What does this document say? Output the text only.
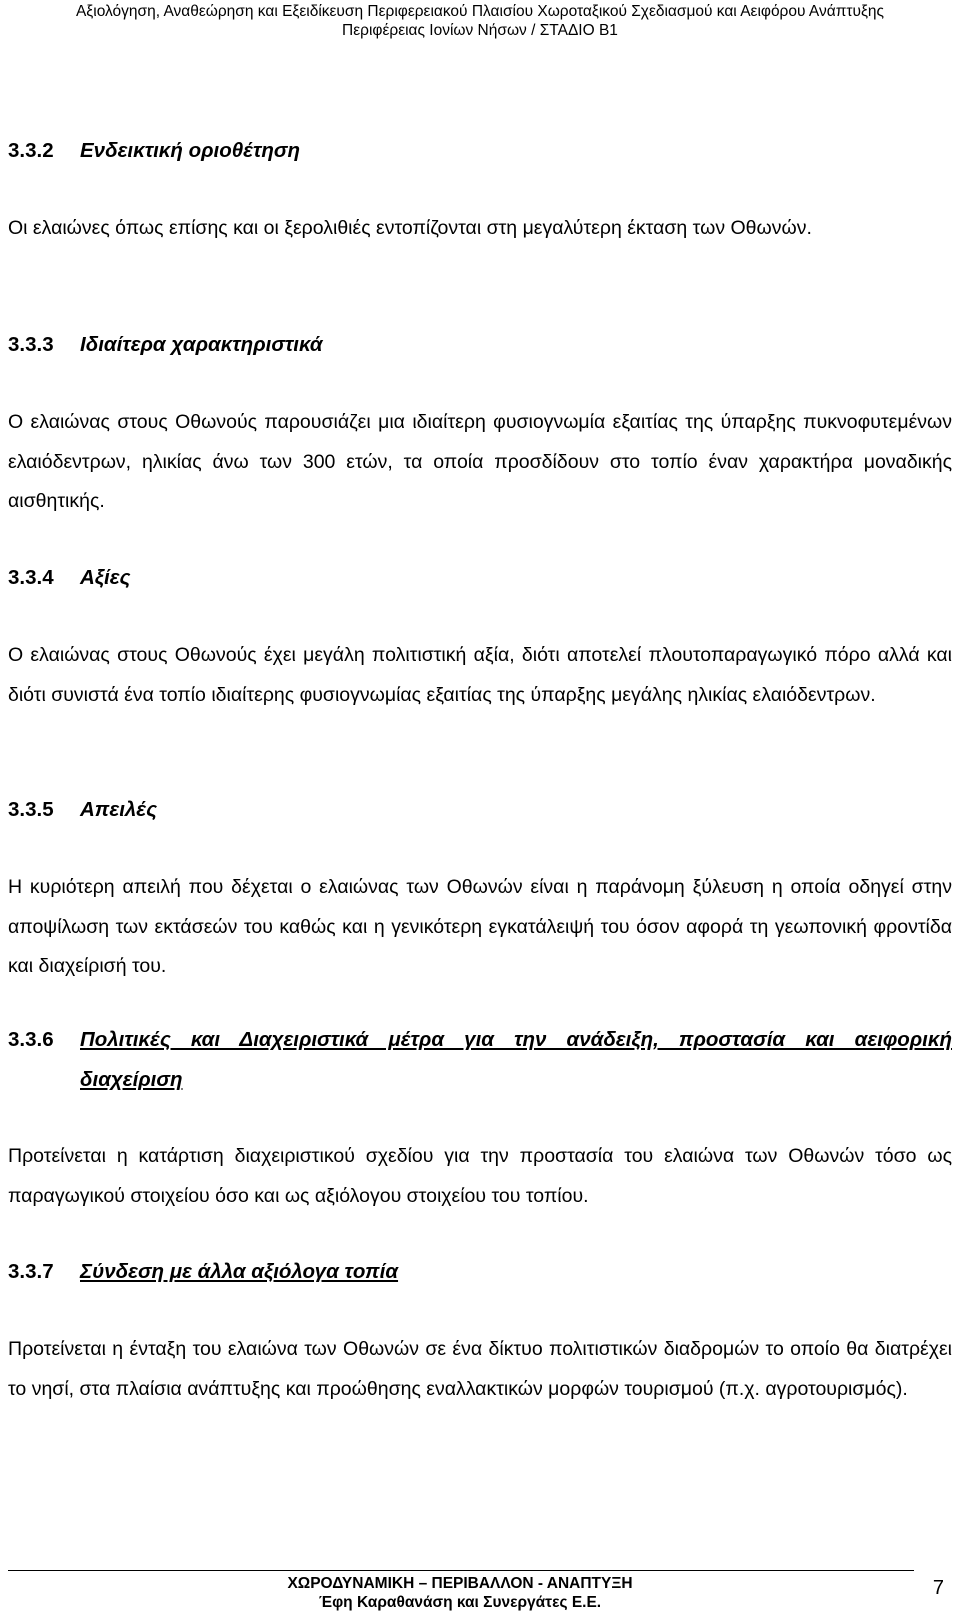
Αξιολόγηση, Αναθεώρηση και Εξειδίκευση Περιφερειακού Πλαισίου Χωροταξικού Σχεδιασμού και Αειφόρου Ανάπτυξης
Περιφέρειας Ιονίων Νήσων / ΣΤΑΔΙΟ Β1
3.3.2 Ενδεικτική οριοθέτηση
Οι ελαιώνες όπως επίσης και οι ξερολιθιές εντοπίζονται στη μεγαλύτερη έκταση των Οθωνών.
3.3.3 Ιδιαίτερα χαρακτηριστικά
Ο ελαιώνας στους Οθωνούς παρουσιάζει μια ιδιαίτερη φυσιογνωμία εξαιτίας της ύπαρξης πυκνοφυτεμένων ελαιόδεντρων, ηλικίας άνω των 300 ετών, τα οποία προσδίδουν στο τοπίο έναν χαρακτήρα μοναδικής αισθητικής.
3.3.4 Αξίες
Ο ελαιώνας στους Οθωνούς έχει μεγάλη πολιτιστική αξία, διότι αποτελεί πλουτοπαραγωγικό πόρο αλλά και διότι συνιστά ένα τοπίο ιδιαίτερης φυσιογνωμίας εξαιτίας της ύπαρξης μεγάλης ηλικίας ελαιόδεντρων.
3.3.5 Απειλές
Η κυριότερη απειλή που δέχεται ο ελαιώνας των Οθωνών είναι η παράνομη ξύλευση η οποία οδηγεί στην αποψίλωση των εκτάσεών του καθώς και η γενικότερη εγκατάλειψή του όσον αφορά τη γεωπονική φροντίδα και διαχείρισή του.
3.3.6	Πολιτικές και Διαχειριστικά μέτρα για την ανάδειξη, προστασία και αειφορική
διαχείριση
Προτείνεται η κατάρτιση διαχειριστικού σχεδίου για την προστασία του ελαιώνα των Οθωνών τόσο ως παραγωγικού στοιχείου όσο και ως αξιόλογου στοιχείου του τοπίου.
3.3.7 Σύνδεση με άλλα αξιόλογα τοπία
Προτείνεται η ένταξη του ελαιώνα των Οθωνών σε ένα δίκτυο πολιτιστικών διαδρομών το οποίο θα διατρέχει το νησί, στα πλαίσια ανάπτυξης και προώθησης εναλλακτικών μορφών τουρισμού (π.χ. αγροτουρισμός).
ΧΩΡΟΔΥΝΑΜΙΚΗ – ΠΕΡΙΒΑΛΛΟΝ - ΑΝΑΠΤΥΞΗ
Έφη Καραθανάση και Συνεργάτες Ε.Ε.
7
